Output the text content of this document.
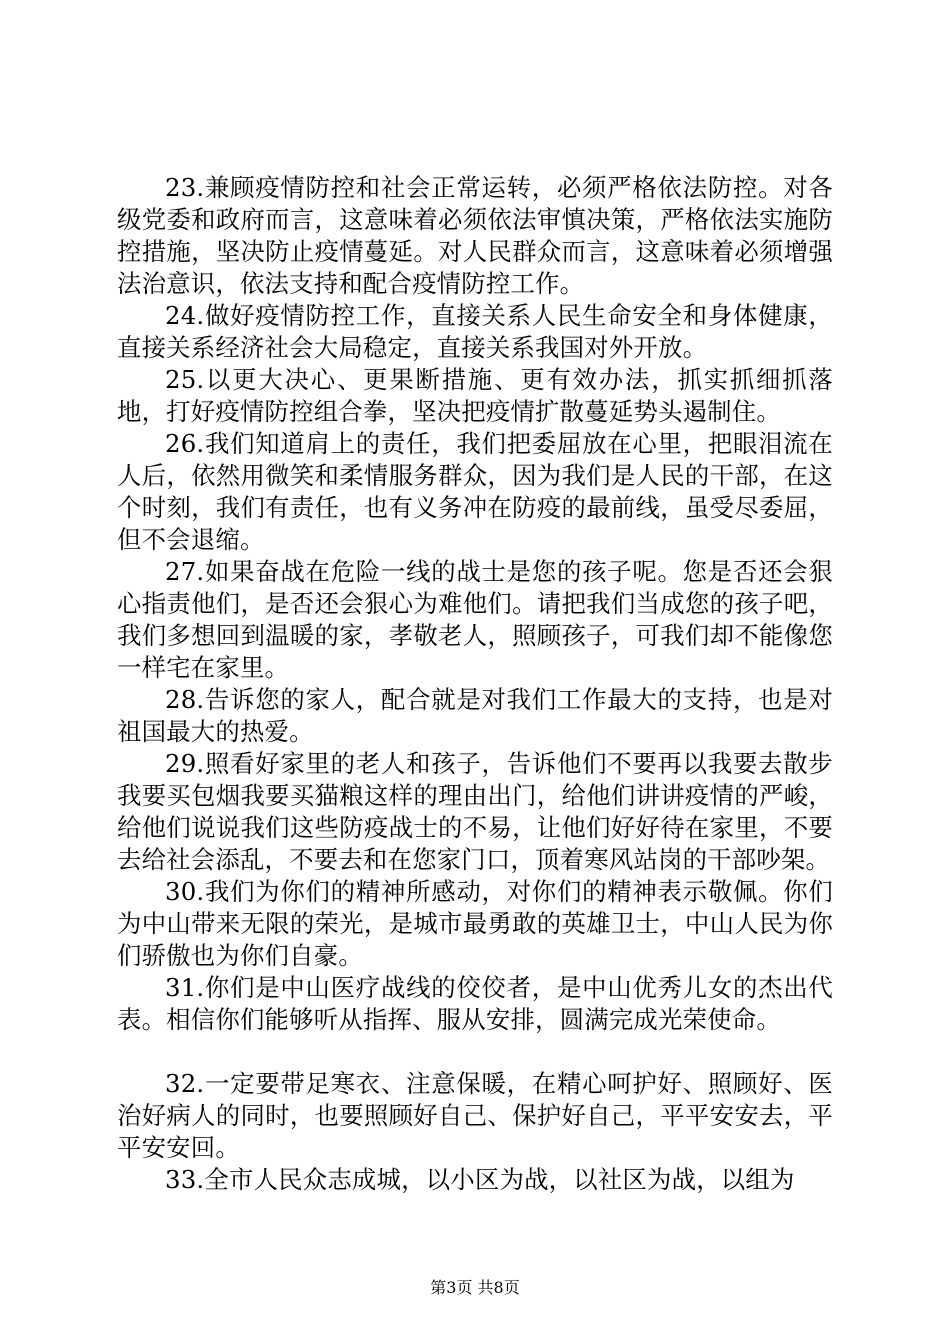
23.兼顾疫情防控和社会正常运转，必须严格依法防控。对各级党委和政府而言，这意味着必须依法审慎决策，严格依法实施防控措施，坚决防止疫情蔓延。对人民群众而言，这意味着必须增强法治意识，依法支持和配合疫情防控工作。

24.做好疫情防控工作，直接关系人民生命安全和身体健康，直接关系经济社会大局稳定，直接关系我国对外开放。

25.以更大决心、更果断措施、更有效办法，抓实抓细抓落地，打好疫情防控组合拳，坚决把疫情扩散蔓延势头遏制住。

26.我们知道肩上的责任，我们把委屈放在心里，把眼泪流在人后，依然用微笑和柔情服务群众，因为我们是人民的干部，在这个时刻，我们有责任，也有义务冲在防疫的最前线，虽受尽委屈，但不会退缩。

27.如果奋战在危险一线的战士是您的孩子呢。您是否还会狠心指责他们，是否还会狠心为难他们。请把我们当成您的孩子吧，我们多想回到温暖的家，孝敬老人，照顾孩子，可我们却不能像您一样宅在家里。

28.告诉您的家人，配合就是对我们工作最大的支持，也是对祖国最大的热爱。

29.照看好家里的老人和孩子，告诉他们不要再以我要去散步我要买包烟我要买猫粮这样的理由出门，给他们讲讲疫情的严峻，给他们说说我们这些防疫战士的不易，让他们好好待在家里，不要去给社会添乱，不要去和在您家门口，顶着寒风站岗的干部吵架。

30.我们为你们的精神所感动，对你们的精神表示敬佩。你们为中山带来无限的荣光，是城市最勇敢的英雄卫士，中山人民为你们骄傲也为你们自豪。

31.你们是中山医疗战线的佼佼者，是中山优秀儿女的杰出代表。相信你们能够听从指挥、服从安排，圆满完成光荣使命。

32.一定要带足寒衣、注意保暖，在精心呵护好、照顾好、医治好病人的同时，也要照顾好自己、保护好自己，平平安安去，平平安安回。

33.全市人民众志成城，以小区为战，以社区为战，以组为

第3页 共8页
